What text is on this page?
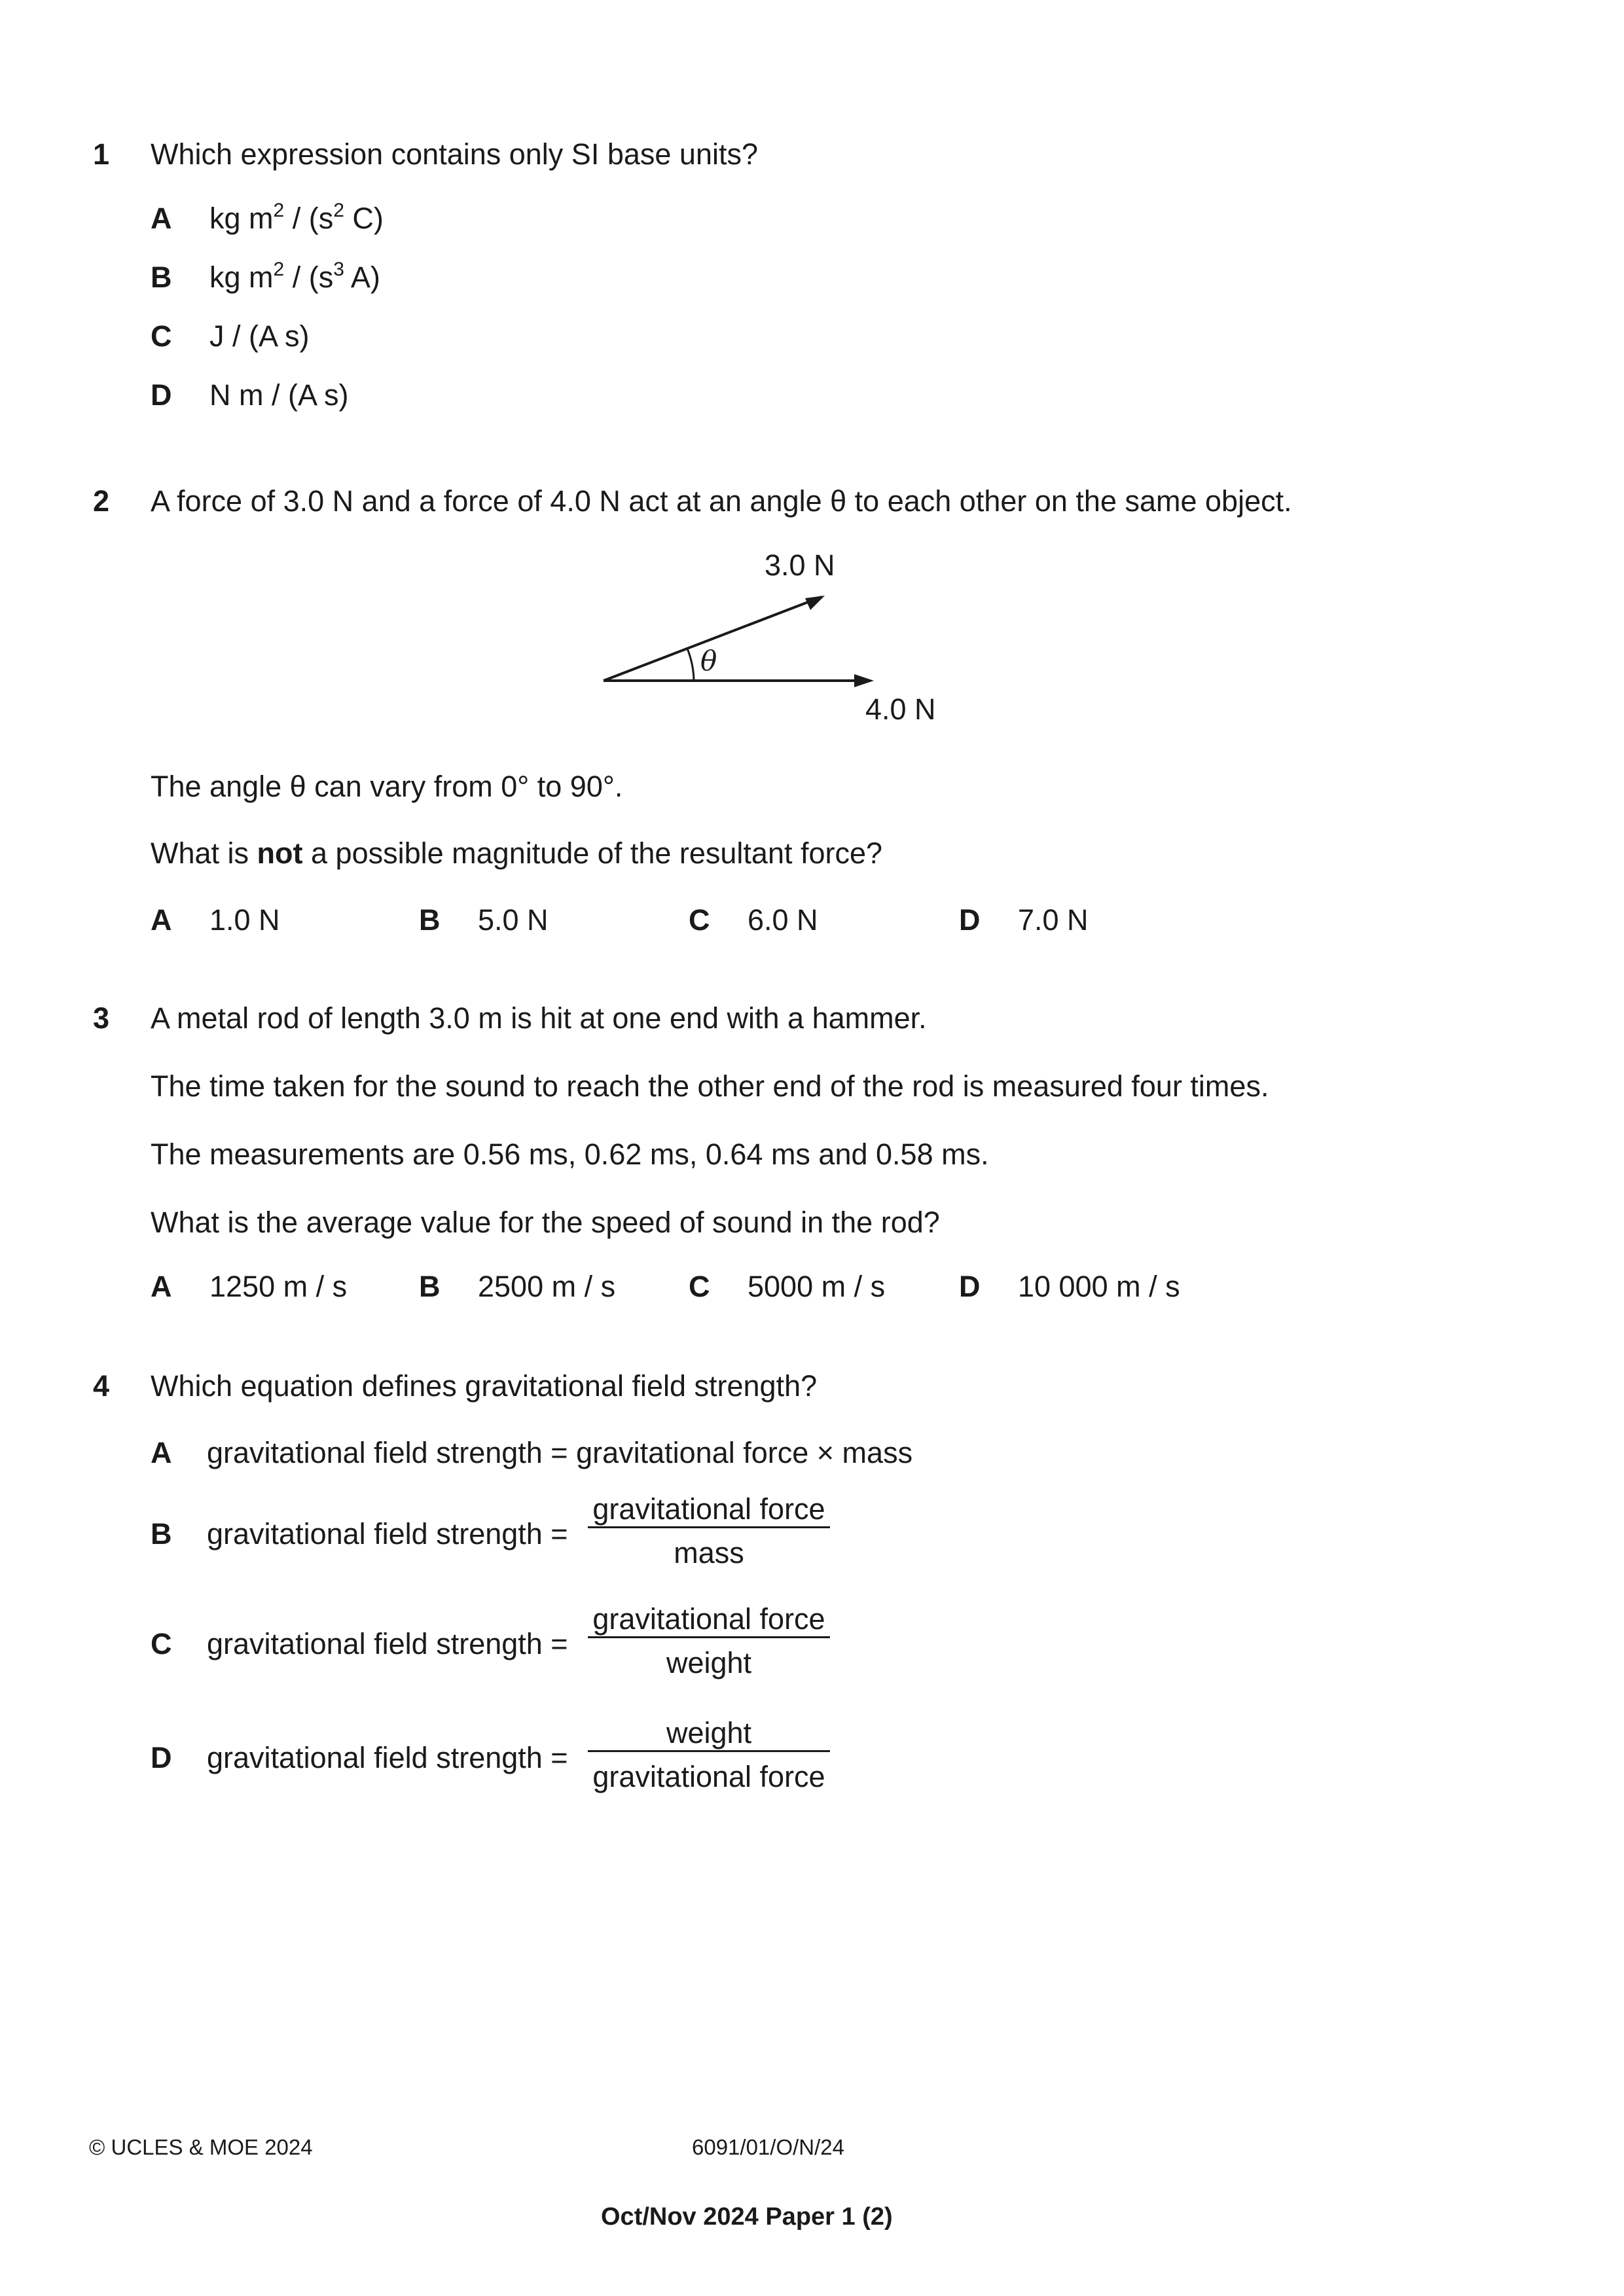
1 Which expression contains only SI base units?
A kg $m^2 / (s^2$ C)
B kg $m^2 / (s^3$ A)
C J / (A s)
D N m / (A s)
2 A force of 3.0 N and a force of 4.0 N act at an angle θ to each other on the same object.
3.0 N
θ
4.0 N
The angle θ can vary from 0° to 90°.
What is not a possible magnitude of the resultant force?
A 1.0 N	B 5.0 N	C 6.0 N	D 7.0 N
3 A metal rod of length 3.0 m is hit at one end with a hammer.
The time taken for the sound to reach the other end of the rod is measured four times.
The measurements are 0.56 ms, 0.62 ms, 0.64 ms and 0.58 ms.
What is the average value for the speed of sound in the rod?
A 1250 m / s B 2500 m / s C 5000 m / s	D 10 000 m / s
4 Which equation defines gravitational field strength?
A gravitational field strength = gravitational force × mass
B gravitational field strength =
gravitational force
mass
C gravitational field strength =
gravitational force
weight
D gravitational field strength =
weight
gravitational force
© UCLES & MOE 2024	6091/01/O/N/24
Oct/Nov 2024 Paper 1 (2)
